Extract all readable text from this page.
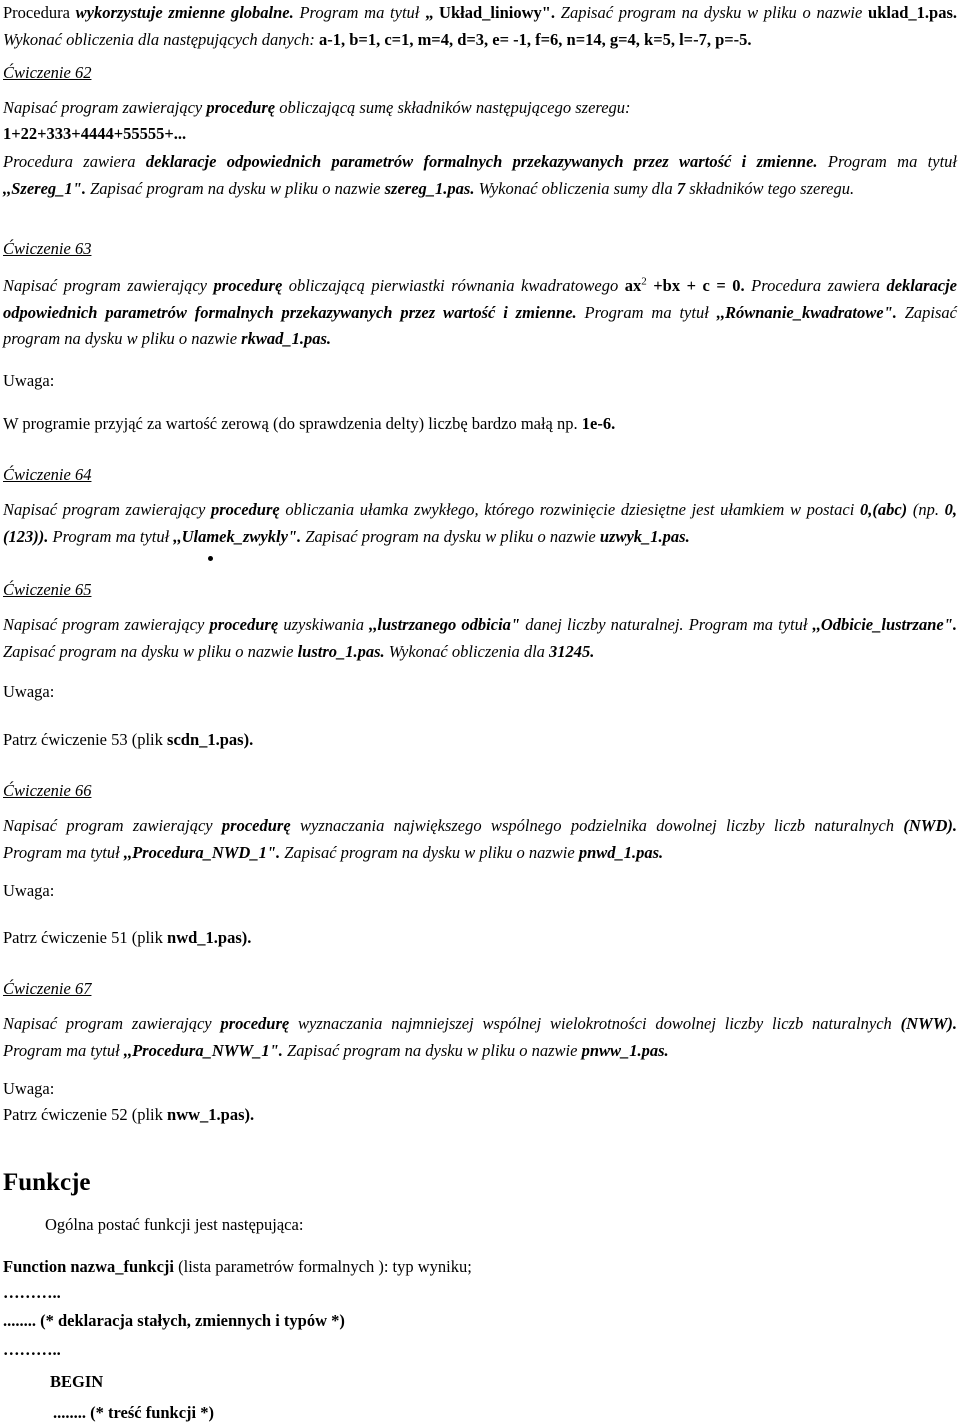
Procedura wykorzystuje zmienne globalne. Program ma tytuł „ Układ_liniowy". Zapisać program na dysku w pliku o nazwie uklad_1.pas. Wykonać obliczenia dla następujących danych: a-1, b=1, c=1, m=4, d=3, e= -1, f=6, n=14, g=4, k=5, l=-7, p=-5.
Ćwiczenie 62
Napisać program zawierający procedurę obliczającą sumę składników następującego szeregu:
1+22+333+4444+55555+...
Procedura zawiera deklaracje odpowiednich parametrów formalnych przekazywanych przez wartość i zmienne. Program ma tytuł ,,Szereg_1". Zapisać program na dysku w pliku o nazwie szereg_1.pas. Wykonać obliczenia sumy dla 7 składników tego szeregu.
Ćwiczenie 63
Napisać program zawierający procedurę obliczającą pierwiastki równania kwadratowego $ax^2 +bx + c = 0$. Procedura zawiera deklaracje odpowiednich parametrów formalnych przekazywanych przez wartość i zmienne. Program ma tytuł ,,Równanie_kwadratowe". Zapisać program na dysku w pliku o nazwie rkwad_1.pas.
Uwaga:
W programie przyjąć za wartość zerową (do sprawdzenia delty) liczbę bardzo małą np. 1e-6.
Ćwiczenie 64
Napisać program zawierający procedurę obliczania ułamka zwykłego, którego rozwinięcie dziesiętne jest ułamkiem w postaci 0,(abc) (np. 0,(123)). Program ma tytuł ,,Ulamek_zwykly". Zapisać program na dysku w pliku o nazwie uzwyk_1.pas.
Ćwiczenie 65
Napisać program zawierający procedurę uzyskiwania ,,lustrzanego odbicia" danej liczby naturalnej. Program ma tytuł ,,Odbicie_lustrzane". Zapisać program na dysku w pliku o nazwie lustro_1.pas. Wykonać obliczenia dla 31245.
Uwaga:
Patrz ćwiczenie 53 (plik scdn_1.pas).
Ćwiczenie 66
Napisać program zawierający procedurę wyznaczania największego wspólnego podzielnika dowolnej liczby liczb naturalnych (NWD). Program ma tytuł ,,Procedura_NWD_1". Zapisać program na dysku w pliku o nazwie pnwd_1.pas.
Uwaga:
Patrz ćwiczenie 51 (plik nwd_1.pas).
Ćwiczenie 67
Napisać program zawierający procedurę wyznaczania najmniejszej wspólnej wielokrotności dowolnej liczby liczb naturalnych (NWW). Program ma tytuł ,,Procedura_NWW_1". Zapisać program na dysku w pliku o nazwie pnww_1.pas.
Uwaga:
Patrz ćwiczenie 52 (plik nww_1.pas).
Funkcje
Ogólna postać funkcji jest następująca:
Function nazwa_funkcji (lista parametrów formalnych ): typ wyniku;
………..
........ (* deklaracja stałych, zmiennych i typów *)
………..
BEGIN
........ (* treść funkcji *)
